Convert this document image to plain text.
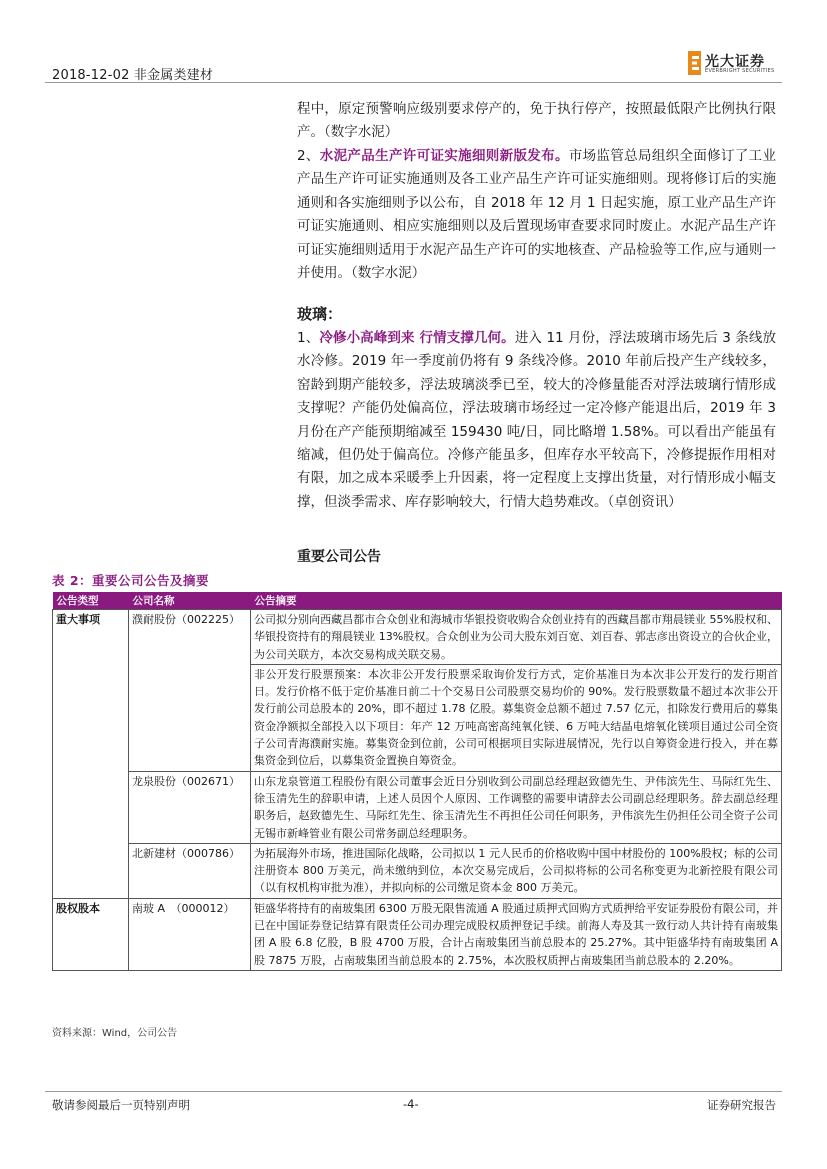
2018-12-02 非金属类建材
光大证券
EVERBRIGHT SECURITIES
程中，原定预警响应级别要求停产的，免于执行停产，按照最低限产比例执行限产。（数字水泥）
2、水泥产品生产许可证实施细则新版发布。市场监管总局组织全面修订了工业产品生产许可证实施通则及各工业产品生产许可证实施细则。现将修订后的实施通则和各实施细则予以公布，自 2018 年 12 月 1 日起实施，原工业产品生产许可证实施通则、相应实施细则以及后置现场审查要求同时废止。水泥产品生产许可证实施细则适用于水泥产品生产许可的实地核查、产品检验等工作,应与通则一并使用。（数字水泥）
玻璃：
1、冷修小高峰到来 行情支撑几何。进入 11 月份，浮法玻璃市场先后 3 条线放水冷修。2019 年一季度前仍将有 9 条线冷修。2010 年前后投产生产线较多，窑龄到期产能较多，浮法玻璃淡季已至，较大的冷修量能否对浮法玻璃行情形成支撑呢？产能仍处偏高位，浮法玻璃市场经过一定冷修产能退出后，2019 年 3 月份在产产能预期缩减至 159430 吨/日，同比略增 1.58%。可以看出产能虽有缩减，但仍处于偏高位。冷修产能虽多，但库存水平较高下，冷修提振作用相对有限，加之成本采暖季上升因素，将一定程度上支撑出货量，对行情形成小幅支撑，但淡季需求、库存影响较大，行情大趋势难改。（卓创资讯）
重要公司公告
表 2：重要公司公告及摘要
公告类型	公司名称	公告摘要
重大事项	濮耐股份（002225）	公司拟分别向西藏昌都市合众创业和海城市华银投资收购合众创业持有的西藏昌都市翔晨镁业 55%股权和、华银投资持有的翔晨镁业 13%股权。合众创业为公司大股东刘百宽、刘百春、郭志彦出资设立的合伙企业，为公司关联方，本次交易构成关联交易。
		非公开发行股票预案：本次非公开发行股票采取询价发行方式，定价基准日为本次非公开发行的发行期首日。发行价格不低于定价基准日前二十个交易日公司股票交易均价的 90%。发行股票数量不超过本次非公开发行前公司总股本的 20%，即不超过 1.78 亿股。募集资金总额不超过 7.57 亿元，扣除发行费用后的募集资金净额拟全部投入以下项目：年产 12 万吨高密高纯氧化镁、6 万吨大结晶电熔氧化镁项目通过公司全资子公司青海濮耐实施。募集资金到位前，公司可根据项目实际进展情况，先行以自筹资金进行投入，并在募集资金到位后，以募集资金置换自筹资金。
	龙泉股份（002671）	山东龙泉管道工程股份有限公司董事会近日分别收到公司副总经理赵致德先生、尹伟滨先生、马际红先生、徐玉清先生的辞职申请，上述人员因个人原因、工作调整的需要申请辞去公司副总经理职务。辞去副总经理职务后，赵致德先生、马际红先生、徐玉清先生不再担任公司任何职务，尹伟滨先生仍担任公司全资子公司无锡市新峰管业有限公司常务副总经理职务。
	北新建材（000786）	为拓展海外市场，推进国际化战略，公司拟以 1 元人民币的价格收购中国中材股份的 100%股权；标的公司注册资本 800 万美元，尚未缴纳到位，本次交易完成后，公司拟将标的公司名称变更为北新控股有限公司（以有权机构审批为准），并拟向标的公司缴足资本金 800 万美元。
股权股本	南玻 A　（000012）	钜盛华将持有的南玻集团 6300 万股无限售流通 A 股通过质押式回购方式质押给平安证券股份有限公司，并已在中国证券登记结算有限责任公司办理完成股权质押登记手续。前海人寿及其一致行动人共计持有南玻集团 A 股 6.8 亿股，B 股 4700 万股，合计占南玻集团当前总股本的 25.27%。其中钜盛华持有南玻集团 A 股 7875 万股，占南玻集团当前总股本的 2.75%，本次股权质押占南玻集团当前总股本的 2.20%。
资料来源：Wind，公司公告
敬请参阅最后一页特别声明	-4-	证券研究报告
